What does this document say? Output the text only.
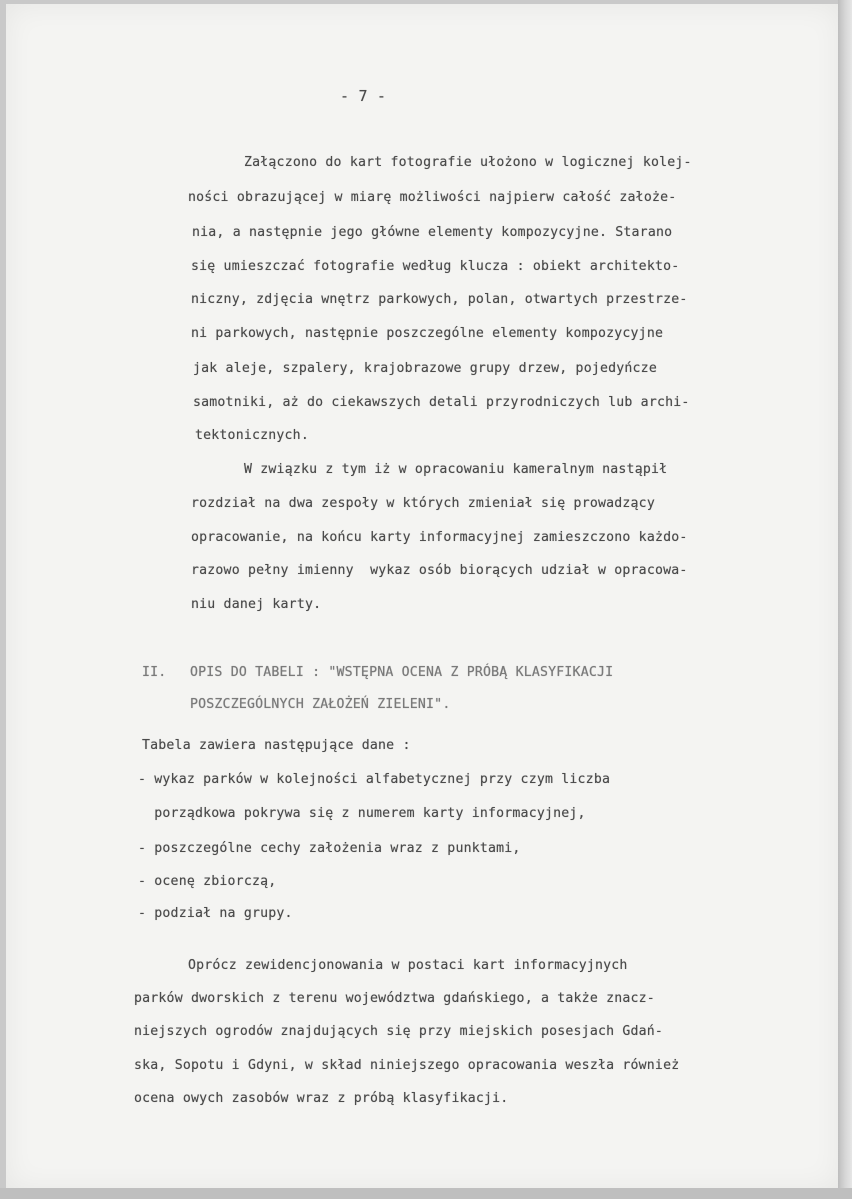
- 7 -
Załączono do kart fotografie ułożono w logicznej kolej-
ności obrazującej w miarę możliwości najpierw całość założe-
nia, a następnie jego główne elementy kompozycyjne. Starano
się umieszczać fotografie według klucza : obiekt architekto-
niczny, zdjęcia wnętrz parkowych, polan, otwartych przestrze-
ni parkowych, następnie poszczególne elementy kompozycyjne
jak aleje, szpalery, krajobrazowe grupy drzew, pojedyńcze
samotniki, aż do ciekawszych detali przyrodniczych lub archi-
tektonicznych.
W związku z tym iż w opracowaniu kameralnym nastąpił
rozdział na dwa zespoły w których zmieniał się prowadzący
opracowanie, na końcu karty informacyjnej zamieszczono każdo-
razowo pełny imienny  wykaz osób biorących udział w opracowa-
niu danej karty.
II. OPIS DO TABELI : "WSTĘPNA OCENA Z PRÓBĄ KLASYFIKACJI
POSZCZEGÓLNYCH ZAŁOŻEŃ ZIELENI".
Tabela zawiera następujące dane :
- wykaz parków w kolejności alfabetycznej przy czym liczba
porządkowa pokrywa się z numerem karty informacyjnej,
- poszczególne cechy założenia wraz z punktami,
- ocenę zbiorczą,
- podział na grupy.
Oprócz zewidencjonowania w postaci kart informacyjnych
parków dworskich z terenu województwa gdańskiego, a także znacz-
niejszych ogrodów znajdujących się przy miejskich posesjach Gdań-
ska, Sopotu i Gdyni, w skład niniejszego opracowania weszła również
ocena owych zasobów wraz z próbą klasyfikacji.
